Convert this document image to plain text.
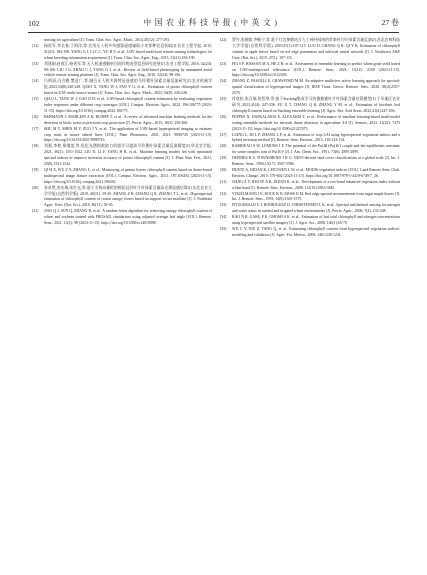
102	中 国 农 业 科 技 导 报 ( 中 英 文 )	27 卷
sensing for agriculture [J]. Trans. Chin. Soc. Agric. Mach., 2014,45(12): 277-293.
[12]	杨贵军,李长春,于海洋,等.农用无人机多传感器遥感辅助小麦育种信息获取[J].农业工程学报, 2015, 31(21): 184-190. YANG G J, LI C C, YU H Y, et al.. UAV based multi-load remote sensing technologies for wheat breeding information acquirement [J]. Trans. Chin. Soc. Agric. Eng., 2015, 31(21):184-190.
[13]	刘建刚,赵春江,杨贵军,等.无人机遥感解析田间作物表型信息研究进展[J].农业工程学报, 2016, 32(24): 98-106. LIU J G, ZHAO C J, YANG G J, et al.. Review of field-based phenotyping by unmanned aerial vehicle remote sensing platform [J]. Trans. Chin. Soc. Agric. Eng., 2016, 32(24): 98-106.
[14]	巧明清,冯吉鹏,樊意广,等.融合无人机多源特征遥感的马铃薯叶绿素含量反演研究[J].农业机械学报,2023,54(8):240-248. QIAO X, TANG W J, FAN Y G, et al.. Estimation of potato chlorophyll content based on UAV multi-source sensor [J]. Trans. Chin. Soc. Agric. Mach., 2023, 54(8): 240-248.
[15]	QIAO L, TANG W J, GAO D H, et al.. UAV-based chlorophyll content estimation by evaluating vegetation index responses under different crop coverages [J/OL]. Comput. Electron. Agric., 2022, 196:106775 [2023-11-15]. https://doi.org/10.1016/j.compag.2022.106775.
[16]	BEHMANN J, MAHLEIN A K, RUMPF T, et al.. A review of advanced machine learning methods for the detection of biotic stress in precision crop protection [J]. Precis. Agric., 2015, 16(3): 239-260.
[17]	SHU M Y, SHEN M Y, ZUO J Y, et al.. The application of UAV-based hyperspectral imaging to estimate crop traits in maize inbred lines [J/OL]. Plant Phenomics, 2021, 2021: 9890745 [2023-11-15]. https://doi.org/10.34133/2021/9890745.
[18]	刘强,李艳,郑继莲,等.优化光谱指数助力机器学习提高马铃薯叶绿素含量反演精度[J].华北农学报, 2021, 36(2): 1551-1542. LIU N, LI F, YANG H B, et al.. Machine learning models fed with optimized spectral indices to improve inversion accuracy of potato chlorophyll content [J]. J. Plant Nutr. Fert., 2021, 29(8):1531-1542.
[19]	QI H X, WU Z Y, ZHANG L, et al.. Monitoring of peanut leaves chlorophyll content based on drone-based multispectral image feature extraction [J/OL]. Comput. Electron. Agric., 2021, 187:106292 [2023-11-15]. https://doi.org/10.1016/j.compag.2021.106292.
[20]	张卓然,李庆瑞,张红光,等.基于支持向量机的棉花冠层叶片叶绿素含量高光谱遥感估算[J].东北农业大学学报(自然科学版), 2018, 46(11): 39-45. ZHANG Z R, CHANG Q R, ZHANG T L, et al.. Hyperspectral estimation of chlorophyll content of cotton canopy leaves based on support vector machine [J]. J. Northeast Agric. Univ. (Nat. Sci.), 2018, 46(11): 39-45.
[21]	JIAO Q J, SUN Q, ZHANG B, et al.. A random forest algorithm for retrieving canopy chlorophyll content of wheat and soybean trained with PROSAIL simulations using adjusted average leaf angle [J/OL]. Remote. Sens., 2021, 14(1): 98 [2023-11-15]. https://doi.org/10.3390/rs14010098.
[22]	罗丹,张婉如,齐鞍宁,等.基于红边参数结合人工神经网络的苹果叶片叶绿素含量反演[J].西北农林科技大学学报(自然科学版), 2019,47(1):107-115. LUO D, CHANG Q R, QI Y B. Estimation of chlorophyll content in apple leaves based on red edge parameters and artificial neural network [J]. J. Northwest A&F Univ. (Nat. Sci.), 2019, 47(1): 107-115.
[23]	FEI S P, HASSAN M A, HE Z H, et al.. Assessment of ensemble learning to predict wheat grain yield based on UAV-multispectral reflectance [J/OL]. Remote. Sens., 2021, 13(12): 2338 [2023-11-15]. https://doi.org/10.3390/rs13122338.
[24]	ZHANG Z, PASOLLI E, CRAWFORD M M. An adaptive multiview active learning approach for spectral-spatial classification of hyperspectral images [J]. IEEE Trans. Geosci. Remote. Sens., 2020, 58(4):2557-2570.
[25]	符欣松,张百瑞,张绍琴,等.基于Stacking集成学习的猕猴桃叶片叶绿素含量估算模型[J].干旱地区农业研究,2023,41(4): 247-256. FU X T, CHANG Q R, ZHANG Y M, et al.. Estimation of kiwifruit leaf chlorophyll content based on Stacking ensemble learning [J]. Agric. Res. Arid Areas, 2023,41(4):247-256.
[26]	PEPPES N, DASKALAKIS E, ALEXAKIS T, et al.. Performance of machine learning-based multi-model voting ensemble methods for network threat detection in agriculture 4.0 [J]. Sensors, 2023, 21(22): 7475 [2023-11-15]. https://doi.org/10.3390/s21227475.
[27]	LIANG L, DI L P, ZHANG L P, et al.. Estimation of crop LAI using hyperspectral vegetation indices and a hybrid inversion method [J]. Remote. Sens. Environ., 2015, 165:123-134.
[28]	RABIDEAU S W, LEMONS J F. The potential of the Pu(Ⅲ)-Pu(Ⅳ) couple and the equilibrium constants for some complex ions of Pu(Ⅳ)¹ [J]. J. Am. Chem. Soc., 1951, 73(6): 2895-2899.
[29]	DEFRIES R S, TOWNSHEND J R G. NDVI-derived land cover classifications at a global scale [J]. Int. J. Remote. Sens., 1994,15(17): 3567-3586.
[30]	HUETE A, DIDAN K, LEEUWEN L W, et al.. MODIS vegetation indices [J/OL]. Land Remote Sens. Glob. Environ. Change, 2010: 579-602 [2023-11-15]. https://doi.org/10.1007/978-1-4419-6749-7_26.
[31]	JIANG Z Y, HUETE A R, DIDAN K, et al.. Development of a two-band enhanced vegetation index without a blue band [J]. Remote. Sens. Environ., 2008, 112(10):3833-3845.
[32]	VOGELMANN J E, ROCK B N, MOSS D M. Red edge spectral measurements from sugar maple leaves [J]. Int. J. Remote. Sens., 1993, 14(8):1563-1575.
[33]	FITZGERALD G J, RODRIGUEZ D, CHRISTENSEN L K, et al.. Spectral and thermal sensing for nitrogen and water status in rainfed and irrigated wheat environments [J]. Precis. Agric., 2006, 7(4): 233-248.
[34]	RAO N R, GARG P K, GHOSH S K, et al.. Estimation of leaf total chlorophyll and nitrogen concentrations using hyperspectral satellite imagery [J]. J. Agric. Sci., 2008, 146(1):65-75.
[35]	WU C Y, NIU Z, TANG Q, et al.. Estimating chlorophyll content from hyperspectral vegetation indices: modeling and validation [J]. Agric. For. Meteor., 2008, 148:1230-1241.
